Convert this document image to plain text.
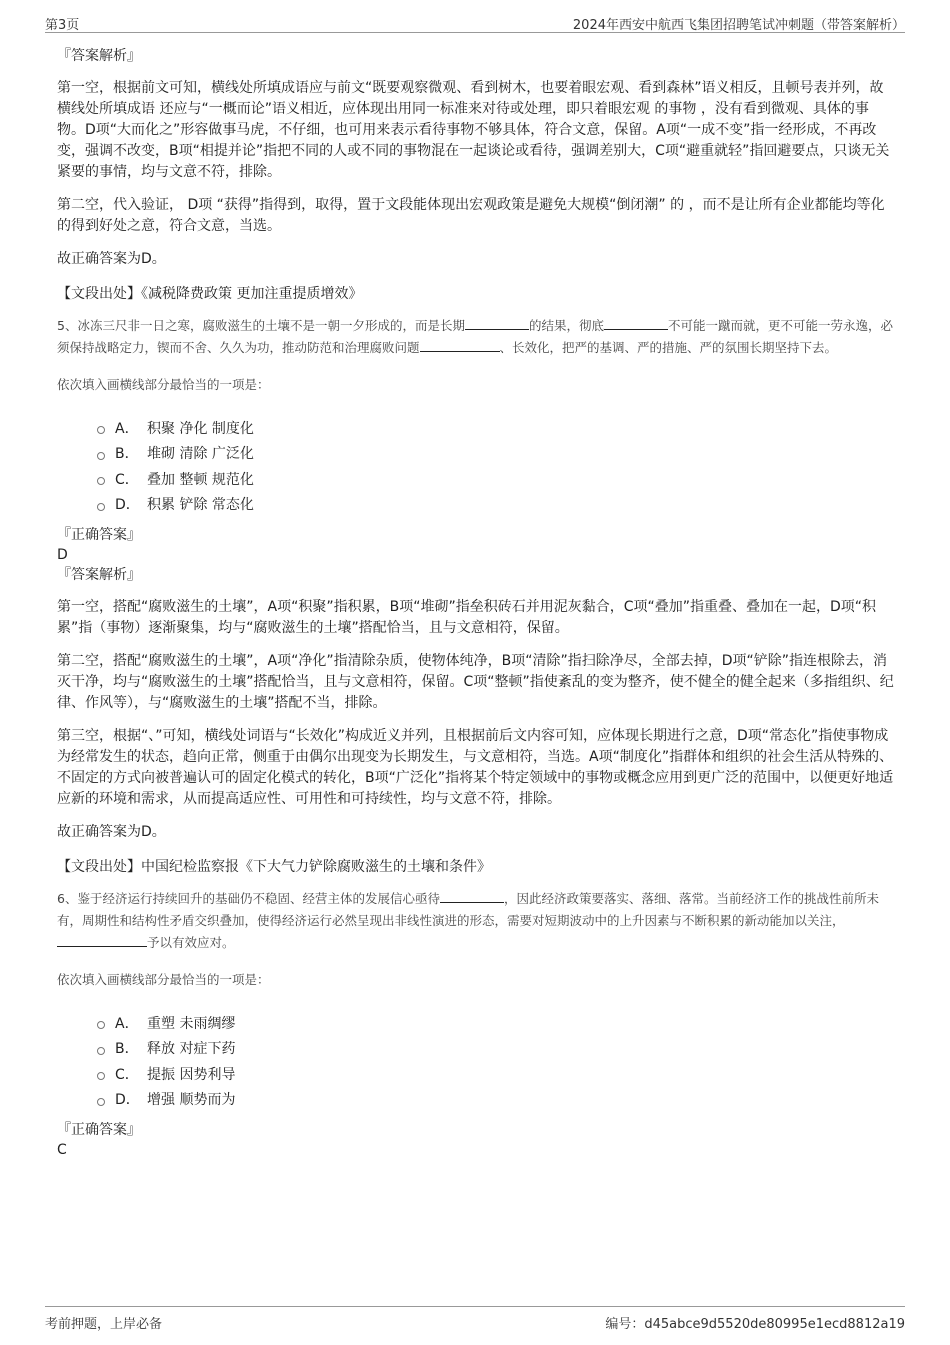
第3页	2024年西安中航西飞集团招聘笔试冲刺题（带答案解析）
『答案解析』

第一空，根据前文可知，横线处所填成语应与前文“既要观察微观、看到树木，也要着眼宏观、看到森林”语义相反，且顿号表并列，故 横线处所填成语 还应与“一概而论”语义相近，应体现出用同一标准来对待或处理，即只着眼宏观 的事物 ，没有看到微观、具体的事物。D项“大而化之”形容做事马虎，不仔细，也可用来表示看待事物不够具体，符合文意，保留。A项“一成不变”指一经形成，不再改变，强调不改变，B项“相提并论”指把不同的人或不同的事物混在一起谈论或看待，强调差别大，C项“避重就轻”指回避要点，只谈无关紧要的事情，均与文意不符，排除。

第二空，代入验证， D项 “获得”指得到，取得，置于文段能体现出宏观政策是避免大规模“倒闭潮” 的 ，而不是让所有企业都能均等化的得到好处之意，符合文意，当选。

故正确答案为D。

【文段出处】《减税降费政策 更加注重提质增效》

5、冰冻三尺非一日之寒，腐败滋生的土壤不是一朝一夕形成的，而是长期	的结果，彻底	不可能一蹴而就，更不可能一劳永逸，必须保持战略定力，锲而不舍、久久为功，推动防范和治理腐败问题	、长效化，把严的基调、严的措施、严的氛围长期坚持下去。

依次填入画横线部分最恰当的一项是：

A． 积聚 净化 制度化
B． 堆砌 清除 广泛化
C． 叠加 整顿 规范化
D． 积累 铲除 常态化
『正确答案』
D
『答案解析』

第一空，搭配“腐败滋生的土壤”，A项“积聚”指积累，B项“堆砌”指垒积砖石并用泥灰黏合，C项“叠加”指重叠、叠加在一起，D项“积累”指（事物）逐渐聚集，均与“腐败滋生的土壤”搭配恰当，且与文意相符，保留。

第二空，搭配“腐败滋生的土壤”，A项“净化”指清除杂质，使物体纯净，B项“清除”指扫除净尽，全部去掉，D项“铲除”指连根除去，消灭干净，均与“腐败滋生的土壤”搭配恰当，且与文意相符，保留。C项“整顿”指使紊乱的变为整齐，使不健全的健全起来（多指组织、纪律、作风等），与“腐败滋生的土壤”搭配不当，排除。

第三空，根据“、”可知，横线处词语与“长效化”构成近义并列，且根据前后文内容可知，应体现长期进行之意，D项“常态化”指使事物成为经常发生的状态，趋向正常，侧重于由偶尔出现变为长期发生，与文意相符，当选。A项“制度化”指群体和组织的社会生活从特殊的、不固定的方式向被普遍认可的固定化模式的转化，B项“广泛化”指将某个特定领域中的事物或概念应用到更广泛的范围中，以便更好地适应新的环境和需求，从而提高适应性、可用性和可持续性，均与文意不符，排除。

故正确答案为D。

【文段出处】中国纪检监察报《下大气力铲除腐败滋生的土壤和条件》

6、鉴于经济运行持续回升的基础仍不稳固、经营主体的发展信心亟待	，因此经济政策要落实、落细、落常。当前经济工作的挑战性前所未有，周期性和结构性矛盾交织叠加，使得经济运行必然呈现出非线性演进的形态，需要对短期波动中的上升因素与不断积累的新动能加以关注，予以有效应对。

依次填入画横线部分最恰当的一项是：

A． 重塑 未雨绸缪
B． 释放 对症下药
C． 提振 因势利导
D． 增强 顺势而为
『正确答案』
C
考前押题，上岸必备	编号：d45abce9d5520de80995e1ecd8812a19
